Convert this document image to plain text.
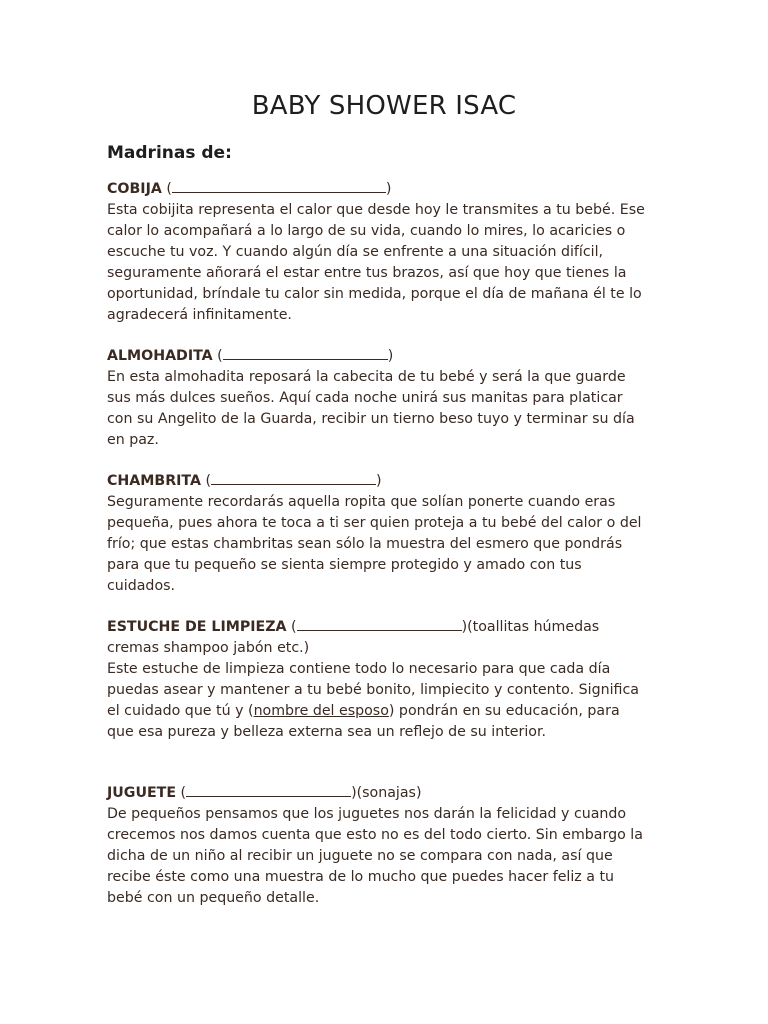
BABY SHOWER ISAC
Madrinas de:

COBIJA (	)

Esta cobijita representa el calor que desde hoy le transmites a tu bebé. Ese calor lo acompañará a lo largo de su vida, cuando lo mires, lo acaricies o escuche tu voz. Y cuando algún día se enfrente a una situación difícil, seguramente añorará el estar entre tus brazos, así que hoy que tienes la oportunidad, bríndale tu calor sin medida, porque el día de mañana él te lo agradecerá infinitamente.

ALMOHADITA (	)

En esta almohadita reposará la cabecita de tu bebé y será la que guarde sus más dulces sueños. Aquí cada noche unirá sus manitas para platicar con su Angelito de la Guarda, recibir un tierno beso tuyo y terminar su día en paz.

CHAMBRITA (	)

Seguramente recordarás aquella ropita que solían ponerte cuando eras pequeña, pues ahora te toca a ti ser quien proteja a tu bebé del calor o del frío; que estas chambritas sean sólo la muestra del esmero que pondrás para que tu pequeño se sienta siempre protegido y amado con tus cuidados.

ESTUCHE DE LIMPIEZA (	)(toallitas húmedas

cremas shampoo jabón etc.)

Este estuche de limpieza contiene todo lo necesario para que cada día puedas asear y mantener a tu bebé bonito, limpiecito y contento. Significa el cuidado que tú y (nombre del esposo) pondrán en su educación, para que esa pureza y belleza externa sea un reflejo de su interior.

JUGUETE (	)(sonajas)

De pequeños pensamos que los juguetes nos darán la felicidad y cuando crecemos nos damos cuenta que esto no es del todo cierto. Sin embargo la dicha de un niño al recibir un juguete no se compara con nada, así que recibe éste como una muestra de lo mucho que puedes hacer feliz a tu bebé con un pequeño detalle.
